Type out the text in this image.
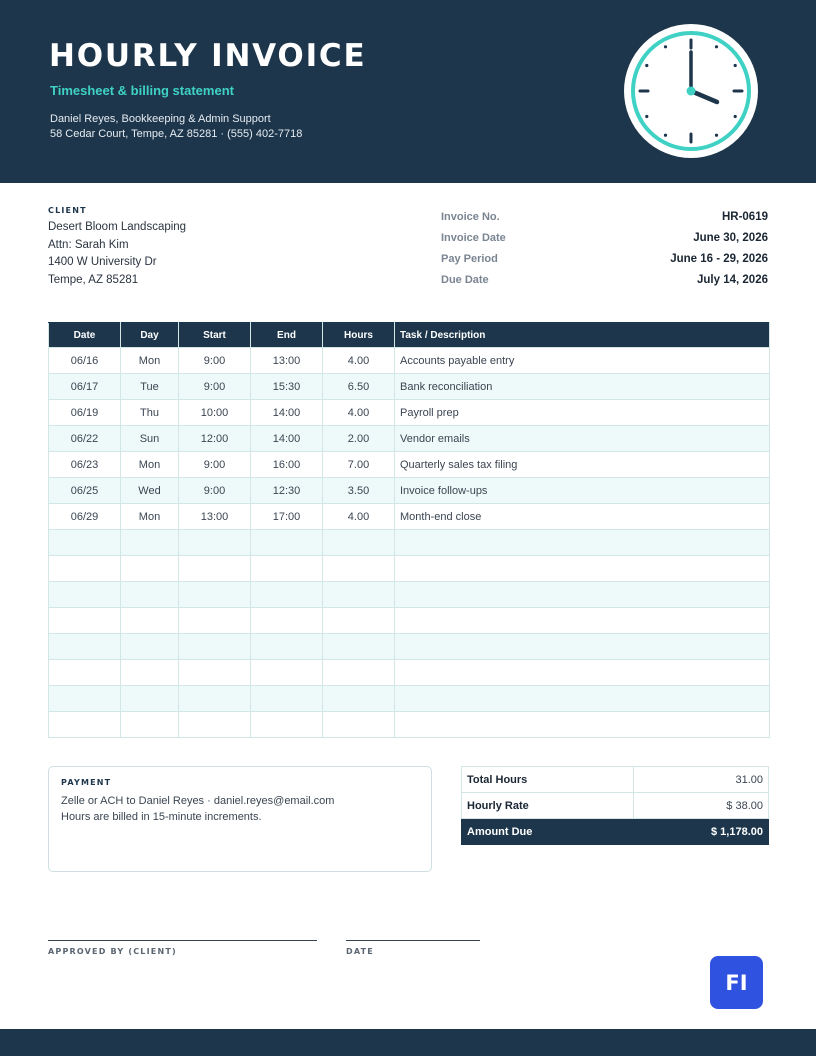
HOURLY INVOICE
Timesheet & billing statement
Daniel Reyes, Bookkeeping & Admin Support
58 Cedar Court, Tempe, AZ 85281 · (555) 402-7718
CLIENT
Desert Bloom Landscaping
Attn: Sarah Kim
1400 W University Dr
Tempe, AZ 85281
Invoice No.	HR-0619
Invoice Date	June 30, 2026
Pay Period	June 16 - 29, 2026
Due Date	July 14, 2026
Date	Day	Start	End	Hours	Task / Description
06/16	Mon	9:00	13:00	4.00	Accounts payable entry
06/17	Tue	9:00	15:30	6.50	Bank reconciliation
06/19	Thu	10:00	14:00	4.00	Payroll prep
06/22	Sun	12:00	14:00	2.00	Vendor emails
06/23	Mon	9:00	16:00	7.00	Quarterly sales tax filing
06/25	Wed	9:00	12:30	3.50	Invoice follow-ups
06/29	Mon	13:00	17:00	4.00	Month-end close

PAYMENT
Zelle or ACH to Daniel Reyes · daniel.reyes@email.com
Hours are billed in 15-minute increments.
Total Hours	31.00
Hourly Rate	$ 38.00
Amount Due	$ 1,178.00
APPROVED BY (CLIENT)	DATE
FI
